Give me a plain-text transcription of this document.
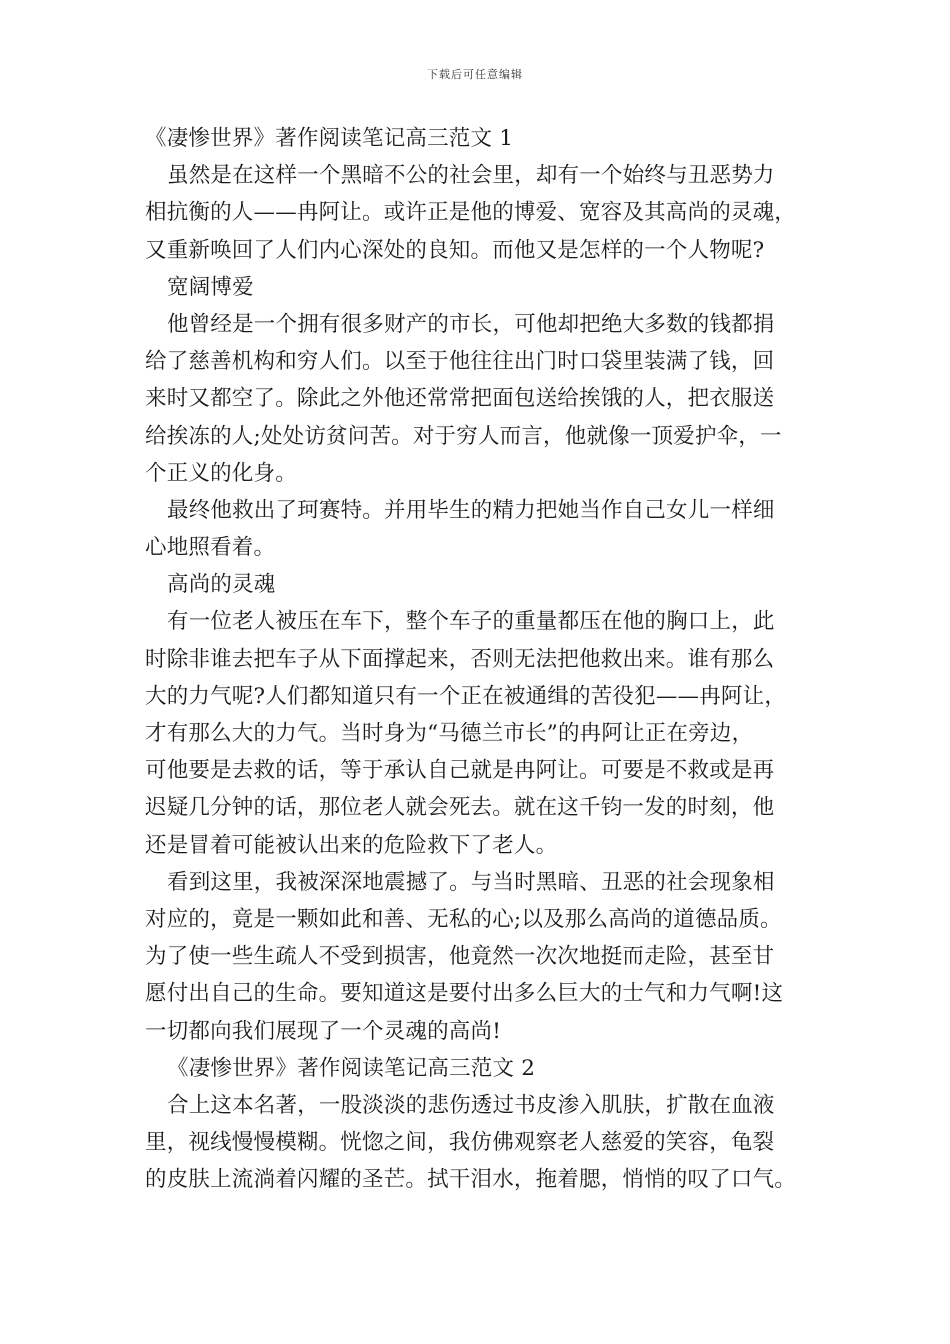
下载后可任意编辑
《凄惨世界》著作阅读笔记高三范文 1
虽然是在这样一个黑暗不公的社会里，却有一个始终与丑恶势力
相抗衡的人——冉阿让。或许正是他的博爱、宽容及其高尚的灵魂，
又重新唤回了人们内心深处的良知。而他又是怎样的一个人物呢?
宽阔博爱
他曾经是一个拥有很多财产的市长，可他却把绝大多数的钱都捐
给了慈善机构和穷人们。以至于他往往出门时口袋里装满了钱，回
来时又都空了。除此之外他还常常把面包送给挨饿的人，把衣服送
给挨冻的人;处处访贫问苦。对于穷人而言，他就像一顶爱护伞，一
个正义的化身。
最终他救出了珂赛特。并用毕生的精力把她当作自己女儿一样细
心地照看着。
高尚的灵魂
有一位老人被压在车下，整个车子的重量都压在他的胸口上，此
时除非谁去把车子从下面撑起来，否则无法把他救出来。谁有那么
大的力气呢?人们都知道只有一个正在被通缉的苦役犯——冉阿让，
才有那么大的力气。当时身为“马德兰市长”的冉阿让正在旁边，
可他要是去救的话，等于承认自己就是冉阿让。可要是不救或是再
迟疑几分钟的话，那位老人就会死去。就在这千钧一发的时刻，他
还是冒着可能被认出来的危险救下了老人。
看到这里，我被深深地震撼了。与当时黑暗、丑恶的社会现象相
对应的，竟是一颗如此和善、无私的心;以及那么高尚的道德品质。
为了使一些生疏人不受到损害，他竟然一次次地挺而走险，甚至甘
愿付出自己的生命。要知道这是要付出多么巨大的士气和力气啊!这
一切都向我们展现了一个灵魂的高尚!
《凄惨世界》著作阅读笔记高三范文 2
合上这本名著，一股淡淡的悲伤透过书皮渗入肌肤，扩散在血液
里，视线慢慢模糊。恍惚之间，我仿佛观察老人慈爱的笑容，龟裂
的皮肤上流淌着闪耀的圣芒。拭干泪水，拖着腮，悄悄的叹了口气。
